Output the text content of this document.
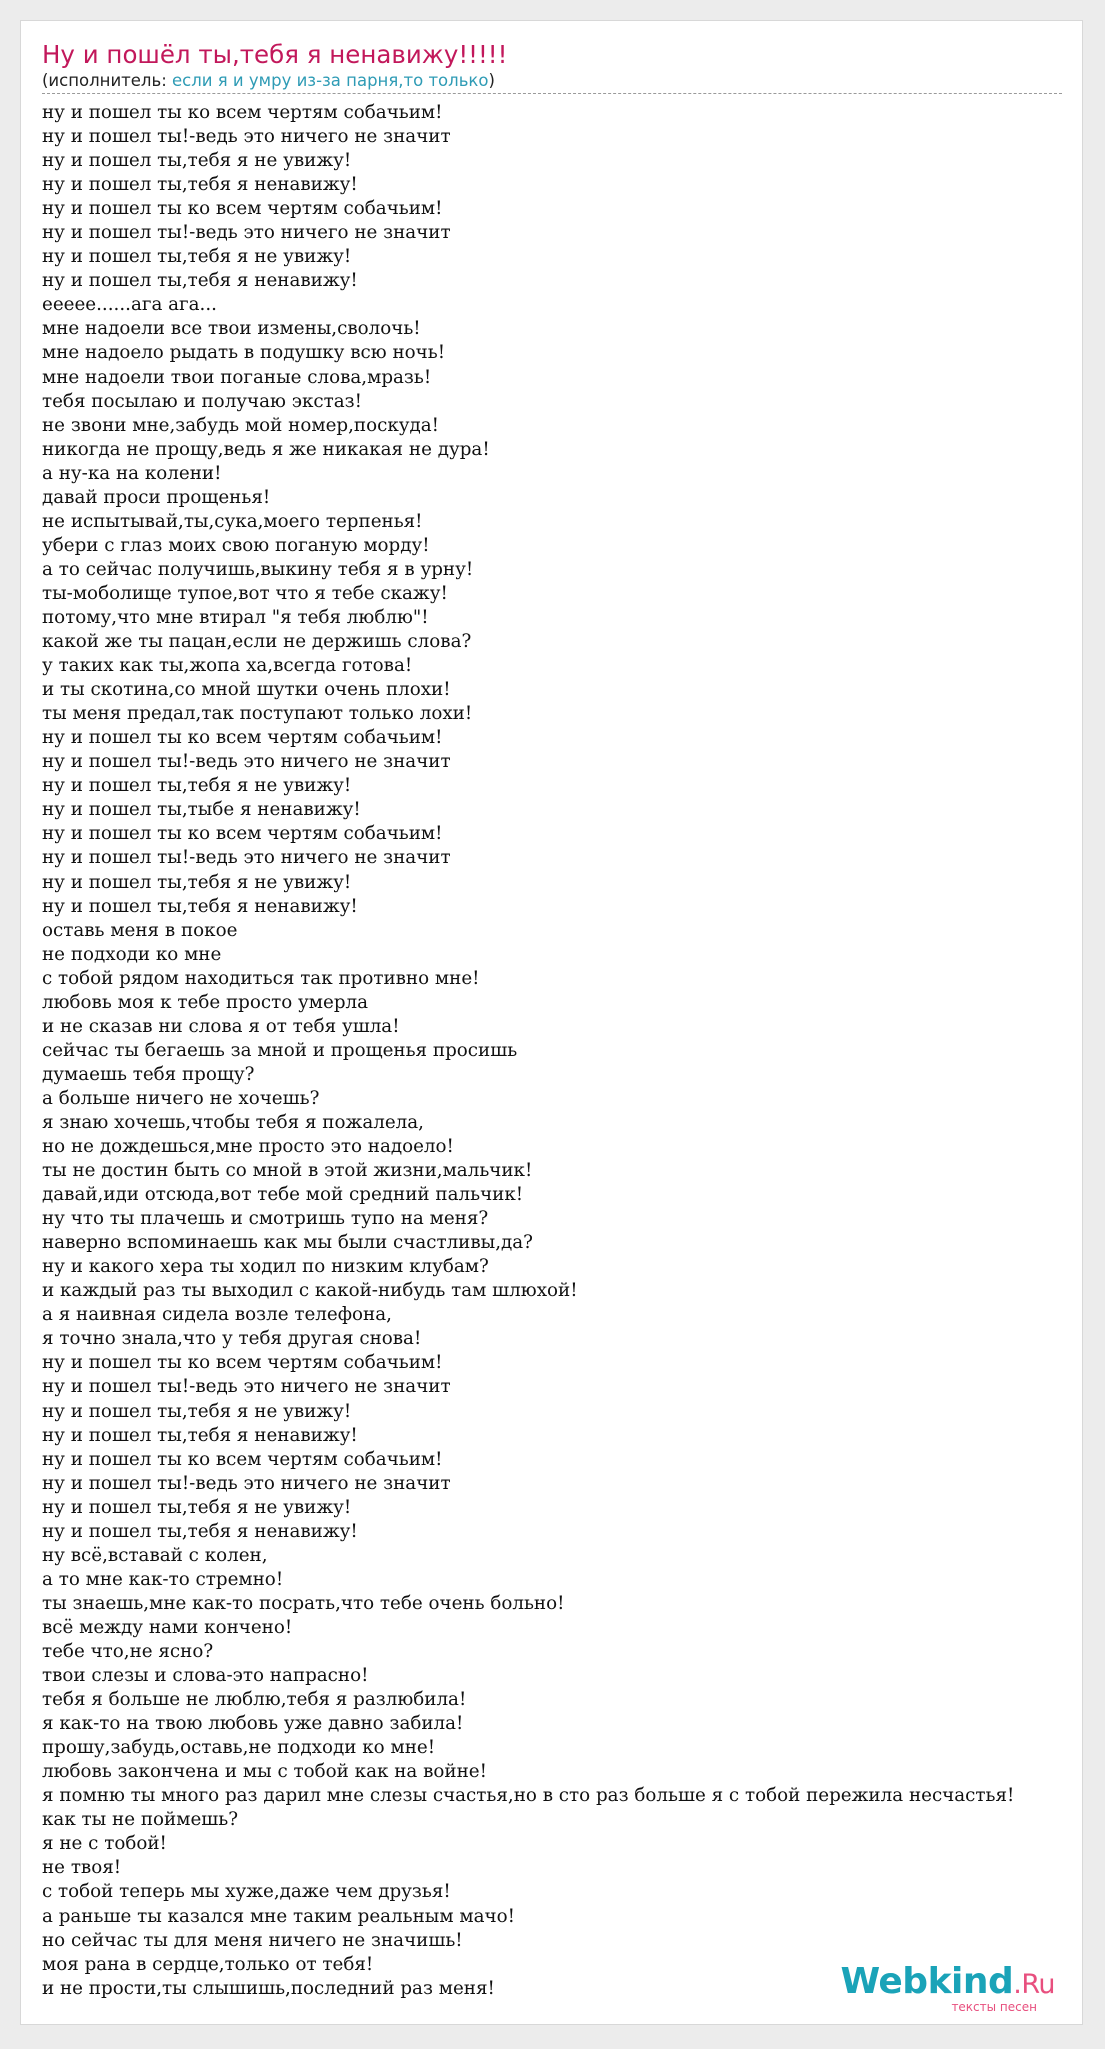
Ну и пошёл ты,тебя я ненавижу!!!!!
(исполнитель: если я и умру из-за парня,то только)
ну и пошел ты ко всем чертям собачьим!
ну и пошел ты!-ведь это ничего не значит
ну и пошел ты,тебя я не увижу!
ну и пошел ты,тебя я ненавижу!
ну и пошел ты ко всем чертям собачьим!
ну и пошел ты!-ведь это ничего не значит
ну и пошел ты,тебя я не увижу!
ну и пошел ты,тебя я ненавижу!
еееее......ага ага...
мне надоели все твои измены,сволочь!
мне надоело рыдать в подушку всю ночь!
мне надоели твои поганые слова,мразь!
тебя посылаю и получаю экстаз!
не звони мне,забудь мой номер,поскуда!
никогда не прощу,ведь я же никакая не дура!
а ну-ка на колени!
давай проси прощенья!
не испытывай,ты,сука,моего терпенья!
убери с глаз моих свою поганую морду!
а то сейчас получишь,выкину тебя я в урну!
ты-моболище тупое,вот что я тебе скажу!
потому,что мне втирал "я тебя люблю"!
какой же ты пацан,если не держишь слова?
у таких как ты,жопа ха,всегда готова!
и ты скотина,со мной шутки очень плохи!
ты меня предал,так поступают только лохи!
ну и пошел ты ко всем чертям собачьим!
ну и пошел ты!-ведь это ничего не значит
ну и пошел ты,тебя я не увижу!
ну и пошел ты,тыбе я ненавижу!
ну и пошел ты ко всем чертям собачьим!
ну и пошел ты!-ведь это ничего не значит
ну и пошел ты,тебя я не увижу!
ну и пошел ты,тебя я ненавижу!
оставь меня в покое
не подходи ко мне
с тобой рядом находиться так противно мне!
любовь моя к тебе просто умерла
и не сказав ни слова я от тебя ушла!
сейчас ты бегаешь за мной и прощенья просишь
думаешь тебя прощу?
а больше ничего не хочешь?
я знаю хочешь,чтобы тебя я пожалела,
но не дождешься,мне просто это надоело!
ты не достин быть со мной в этой жизни,мальчик!
давай,иди отсюда,вот тебе мой средний пальчик!
ну что ты плачешь и смотришь тупо на меня?
наверно вспоминаешь как мы были счастливы,да?
ну и какого хера ты ходил по низким клубам?
и каждый раз ты выходил с какой-нибудь там шлюхой!
а я наивная сидела возле телефона,
я точно знала,что у тебя другая снова!
ну и пошел ты ко всем чертям собачьим!
ну и пошел ты!-ведь это ничего не значит
ну и пошел ты,тебя я не увижу!
ну и пошел ты,тебя я ненавижу!
ну и пошел ты ко всем чертям собачьим!
ну и пошел ты!-ведь это ничего не значит
ну и пошел ты,тебя я не увижу!
ну и пошел ты,тебя я ненавижу!
ну всё,вставай с колен,
а то мне как-то стремно!
ты знаешь,мне как-то посрать,что тебе очень больно!
всё между нами кончено!
тебе что,не ясно?
твои слезы и слова-это напрасно!
тебя я больше не люблю,тебя я разлюбила!
я как-то на твою любовь уже давно забила!
прошу,забудь,оставь,не подходи ко мне!
любовь закончена и мы с тобой как на войне!
я помню ты много раз дарил мне слезы счастья,но в сто раз больше я с тобой пережила несчастья!
как ты не поймешь?
я не с тобой!
не твоя!
с тобой теперь мы хуже,даже чем друзья!
а раньше ты казался мне таким реальным мачо!
но сейчас ты для меня ничего не значишь!
моя рана в сердце,только от тебя!
и не прости,ты слышишь,последний раз меня!	Webkind.Ru
тексты песен
